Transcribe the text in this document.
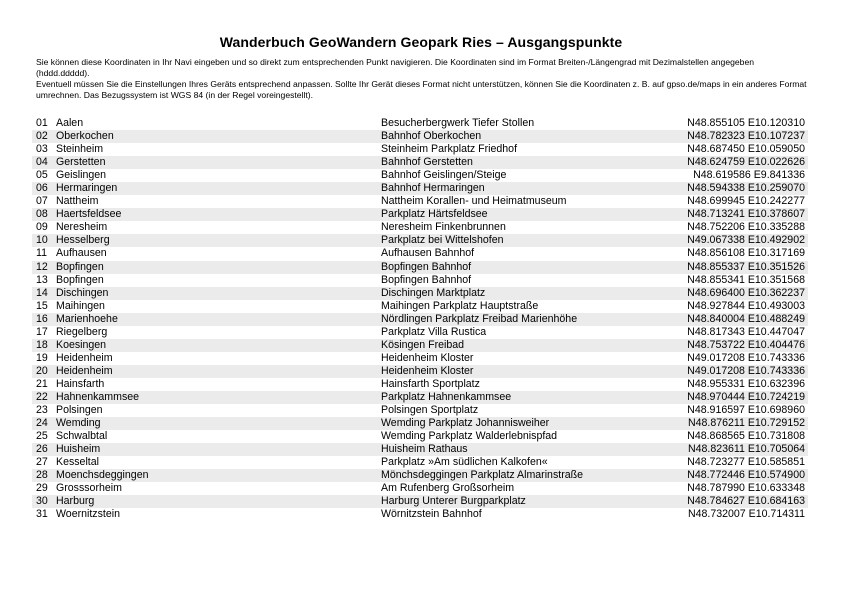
Wanderbuch GeoWandern Geopark Ries – Ausgangspunkte

Sie können diese Koordinaten in Ihr Navi eingeben und so direkt zum entsprechenden Punkt navigieren. Die Koordinaten sind im Format Breiten-/Längengrad mit Dezimalstellen angegeben (hddd.ddddd).

Eventuell müssen Sie die Einstellungen Ihres Geräts entsprechend anpassen. Sollte Ihr Gerät dieses Format nicht unterstützen, können Sie die Koordinaten z. B. auf gpso.de/maps in ein anderes Format umrechnen. Das Bezugssystem ist WGS 84 (in der Regel voreingestellt).

01 Aalen	Besucherbergwerk Tiefer Stollen	N48.855105 E10.120310
02 Oberkochen	Bahnhof Oberkochen	N48.782323 E10.107237
03 Steinheim	Steinheim Parkplatz Friedhof	N48.687450 E10.059050
04 Gerstetten	Bahnhof Gerstetten	N48.624759 E10.022626
05 Geislingen	Bahnhof Geislingen/Steige	N48.619586 E9.841336
06 Hermaringen	Bahnhof Hermaringen	N48.594338 E10.259070
07 Nattheim	Nattheim Korallen- und Heimatmuseum	N48.699945 E10.242277
08 Haertsfeldsee	Parkplatz Härtsfeldsee	N48.713241 E10.378607
09 Neresheim	Neresheim Finkenbrunnen	N48.752206 E10.335288
10 Hesselberg	Parkplatz bei Wittelshofen	N49.067338 E10.492902
11 Aufhausen	Aufhausen Bahnhof	N48.856108 E10.317169
12 Bopfingen	Bopfingen Bahnhof	N48.855337 E10.351526
13 Bopfingen	Bopfingen Bahnhof	N48.855341 E10.351568
14 Dischingen	Dischingen Marktplatz	N48.696400 E10.362237
15 Maihingen	Maihingen Parkplatz Hauptstraße	N48.927844 E10.493003
16 Marienhoehe	Nördlingen Parkplatz Freibad Marienhöhe	N48.840004 E10.488249
17 Riegelberg	Parkplatz Villa Rustica	N48.817343 E10.447047
18 Koesingen	Kösingen Freibad	N48.753722 E10.404476
19 Heidenheim	Heidenheim Kloster	N49.017208 E10.743336
20 Heidenheim	Heidenheim Kloster	N49.017208 E10.743336
21 Hainsfarth	Hainsfarth Sportplatz	N48.955331 E10.632396
22 Hahnenkammsee	Parkplatz Hahnenkammsee	N48.970444 E10.724219
23 Polsingen	Polsingen Sportplatz	N48.916597 E10.698960
24 Wemding	Wemding Parkplatz Johannisweiher	N48.876211 E10.729152
25 Schwalbtal	Wemding Parkplatz Walderlebnispfad	N48.868565 E10.731808
26 Huisheim	Huisheim Rathaus	N48.823611 E10.705064
27 Kesseltal	Parkplatz »Am südlichen Kalkofen«	N48.723277 E10.585851
28 Moenchsdeggingen	Mönchsdeggingen Parkplatz Almarinstraße	N48.772446 E10.574900
29 Grosssorheim	Am Rufenberg Großsorheim	N48.787990 E10.633348
30 Harburg	Harburg Unterer Burgparkplatz	N48.784627 E10.684163
31 Woernitzstein	Wörnitzstein Bahnhof	N48.732007 E10.714311
